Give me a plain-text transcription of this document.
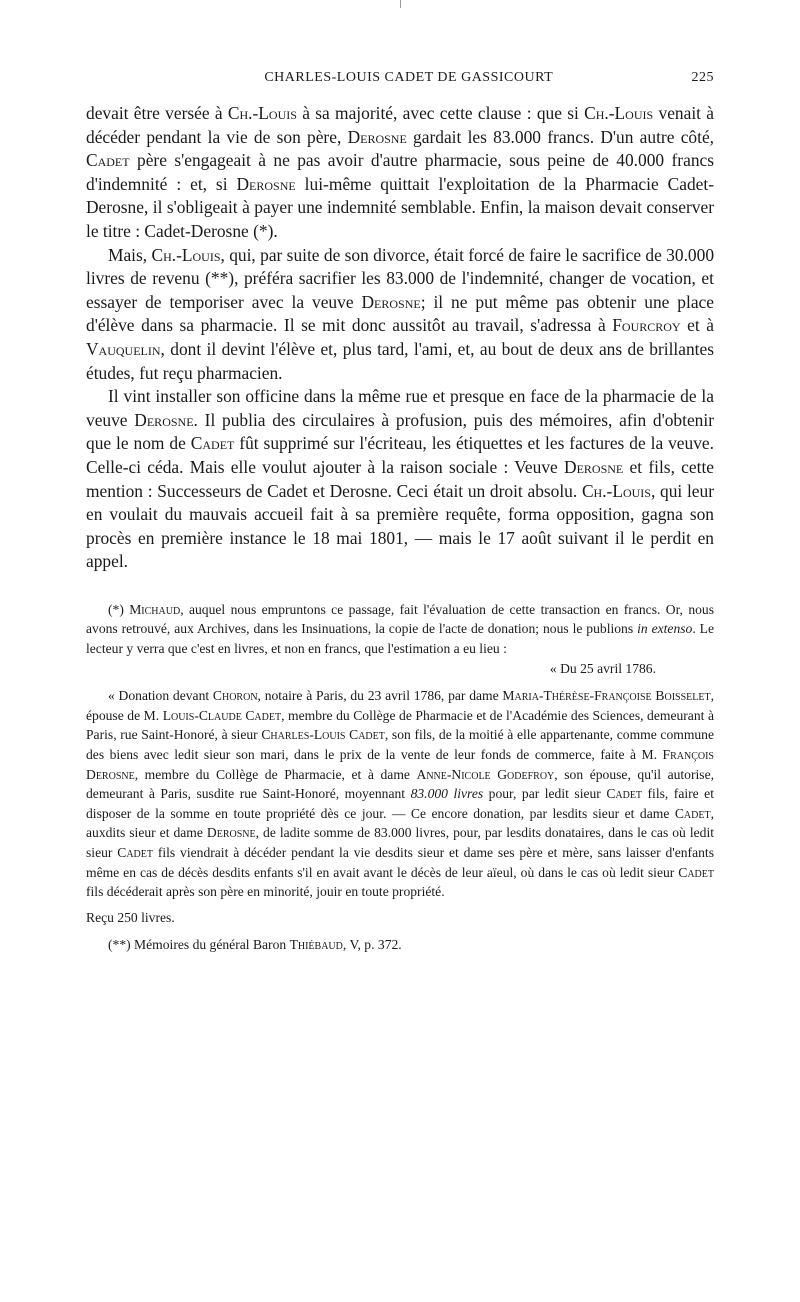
CHARLES-LOUIS CADET DE GASSICOURT	225

devait être versée à Ch.-Louis à sa majorité, avec cette clause : que si Ch.-Louis venait à décéder pendant la vie de son père, Derosne gardait les 83.000 francs. D'un autre côté, Cadet père s'engageait à ne pas avoir d'autre pharmacie, sous peine de 40.000 francs d'indemnité : et, si Derosne lui-même quittait l'exploitation de la Pharmacie Cadet-Derosne, il s'obligeait à payer une indemnité semblable. Enfin, la maison devait conserver le titre : Cadet-Derosne (*).

Mais, Ch.-Louis, qui, par suite de son divorce, était forcé de faire le sacrifice de 30.000 livres de revenu (**), préféra sacrifier les 83.000 de l'indemnité, changer de vocation, et essayer de temporiser avec la veuve Derosne; il ne put même pas obtenir une place d'élève dans sa pharmacie. Il se mit donc aussitôt au travail, s'adressa à Fourcroy et à Vauquelin, dont il devint l'élève et, plus tard, l'ami, et, au bout de deux ans de brillantes études, fut reçu pharmacien.

Il vint installer son officine dans la même rue et presque en face de la pharmacie de la veuve Derosne. Il publia des circulaires à profusion, puis des mémoires, afin d'obtenir que le nom de Cadet fût supprimé sur l'écriteau, les étiquettes et les factures de la veuve. Celle-ci céda. Mais elle voulut ajouter à la raison sociale : Veuve Derosne et fils, cette mention : Successeurs de Cadet et Derosne. Ceci était un droit absolu. Ch.-Louis, qui leur en voulait du mauvais accueil fait à sa première requête, forma opposition, gagna son procès en première instance le 18 mai 1801, — mais le 17 août suivant il le perdit en appel.

(*) Michaud, auquel nous empruntons ce passage, fait l'évaluation de cette transaction en francs. Or, nous avons retrouvé, aux Archives, dans les Insinuations, la copie de l'acte de donation; nous le publions in extenso. Le lecteur y verra que c'est en livres, et non en francs, que l'estimation a eu lieu :

« Du 25 avril 1786.

« Donation devant Choron, notaire à Paris, du 23 avril 1786, par dame Maria-Thérèse-Françoise Boisselet, épouse de M. Louis-Claude Cadet, membre du Collège de Pharmacie et de l'Académie des Sciences, demeurant à Paris, rue Saint-Honoré, à sieur Charles-Louis Cadet, son fils, de la moitié à elle appartenante, comme commune des biens avec ledit sieur son mari, dans le prix de la vente de leur fonds de commerce, faite à M. François Derosne, membre du Collège de Pharmacie, et à dame Anne-Nicole Godefroy, son épouse, qu'il autorise, demeurant à Paris, susdite rue Saint-Honoré, moyennant 83.000 livres pour, par ledit sieur Cadet fils, faire et disposer de la somme en toute propriété dès ce jour. — Ce encore donation, par lesdits sieur et dame Cadet, auxdits sieur et dame Derosne, de ladite somme de 83.000 livres, pour, par lesdits donataires, dans le cas où ledit sieur Cadet fils viendrait à décéder pendant la vie desdits sieur et dame ses père et mère, sans laisser d'enfants même en cas de décès desdits enfants s'il en avait avant le décès de leur aïeul, où dans le cas où ledit sieur Cadet fils décéderait après son père en minorité, jouir en toute propriété.

Reçu 250 livres.

(**) Mémoires du général Baron Thiébaud, V, p. 372.
